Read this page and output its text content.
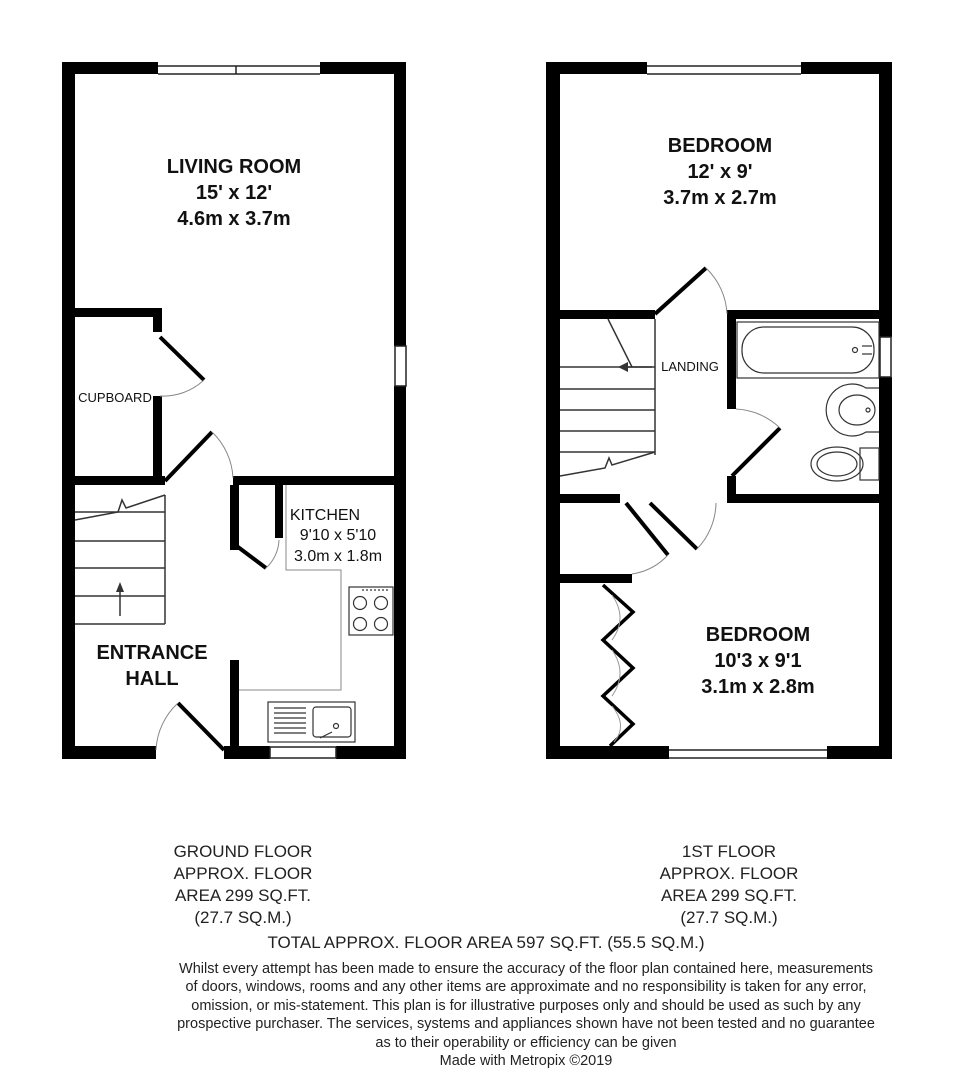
LIVING ROOM
15' x 12'
4.6m x 3.7m
CUPBOARD
KITCHEN
9'10 x 5'10
3.0m x 1.8m
ENTRANCE
HALL
BEDROOM
12' x 9'
3.7m x 2.7m
LANDING
BEDROOM
10'3 x 9'1
3.1m x 2.8m
GROUND FLOOR
APPROX. FLOOR
AREA 299 SQ.FT.
(27.7 SQ.M.)
1ST FLOOR
APPROX. FLOOR
AREA 299 SQ.FT.
(27.7 SQ.M.)
TOTAL APPROX. FLOOR AREA 597 SQ.FT. (55.5 SQ.M.)
Whilst every attempt has been made to ensure the accuracy of the floor plan contained here, measurements
of doors, windows, rooms and any other items are approximate and no responsibility is taken for any error,
omission, or mis-statement. This plan is for illustrative purposes only and should be used as such by any
prospective purchaser. The services, systems and appliances shown have not been tested and no guarantee
as to their operability or efficiency can be given
Made with Metropix ©2019
